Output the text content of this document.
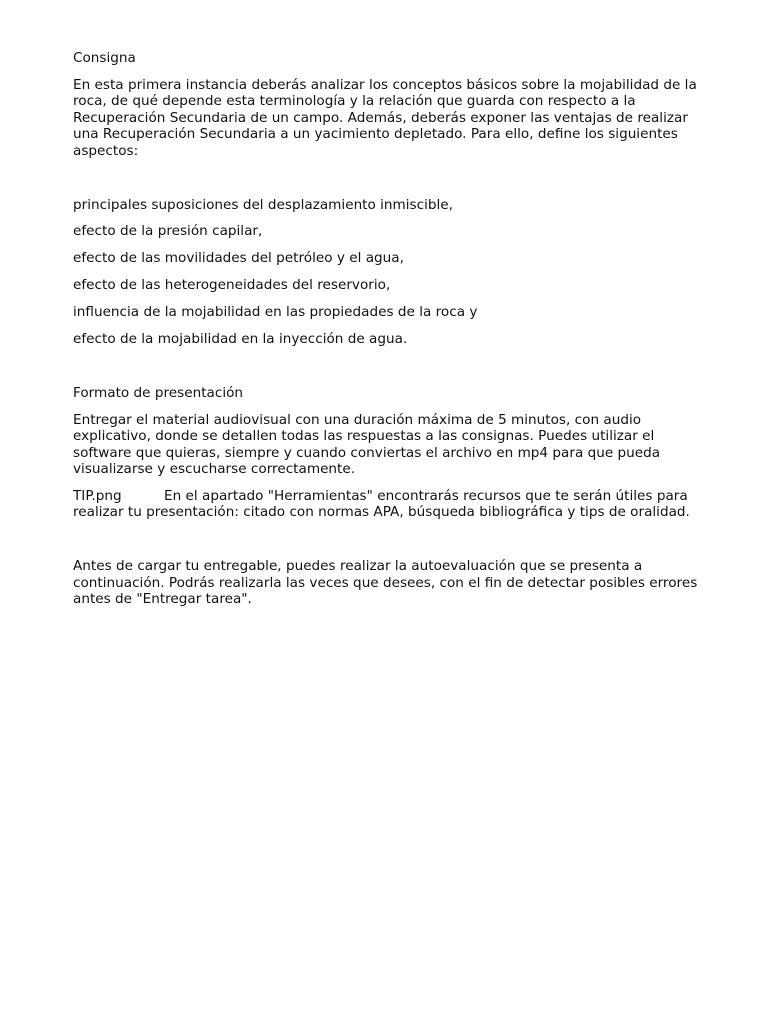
Consigna
En esta primera instancia deberás analizar los conceptos básicos sobre la mojabilidad de la roca, de qué depende esta terminología y la relación que guarda con respecto a la Recuperación Secundaria de un campo. Además, deberás exponer las ventajas de realizar una Recuperación Secundaria a un yacimiento depletado. Para ello, define los siguientes aspectos:
principales suposiciones del desplazamiento inmiscible,
efecto de la presión capilar,
efecto de las movilidades del petróleo y el agua,
efecto de las heterogeneidades del reservorio,
influencia de la mojabilidad en las propiedades de la roca y
efecto de la mojabilidad en la inyección de agua.
Formato de presentación
Entregar el material audiovisual con una duración máxima de 5 minutos, con audio explicativo, donde se detallen todas las respuestas a las consignas. Puedes utilizar el software que quieras, siempre y cuando conviertas el archivo en mp4 para que pueda visualizarse y escucharse correctamente.
TIP.png	En el apartado "Herramientas" encontrarás recursos que te serán útiles para realizar tu presentación: citado con normas APA, búsqueda bibliográfica y tips de oralidad.
Antes de cargar tu entregable, puedes realizar la autoevaluación que se presenta a continuación. Podrás realizarla las veces que desees, con el fin de detectar posibles errores antes de "Entregar tarea".
